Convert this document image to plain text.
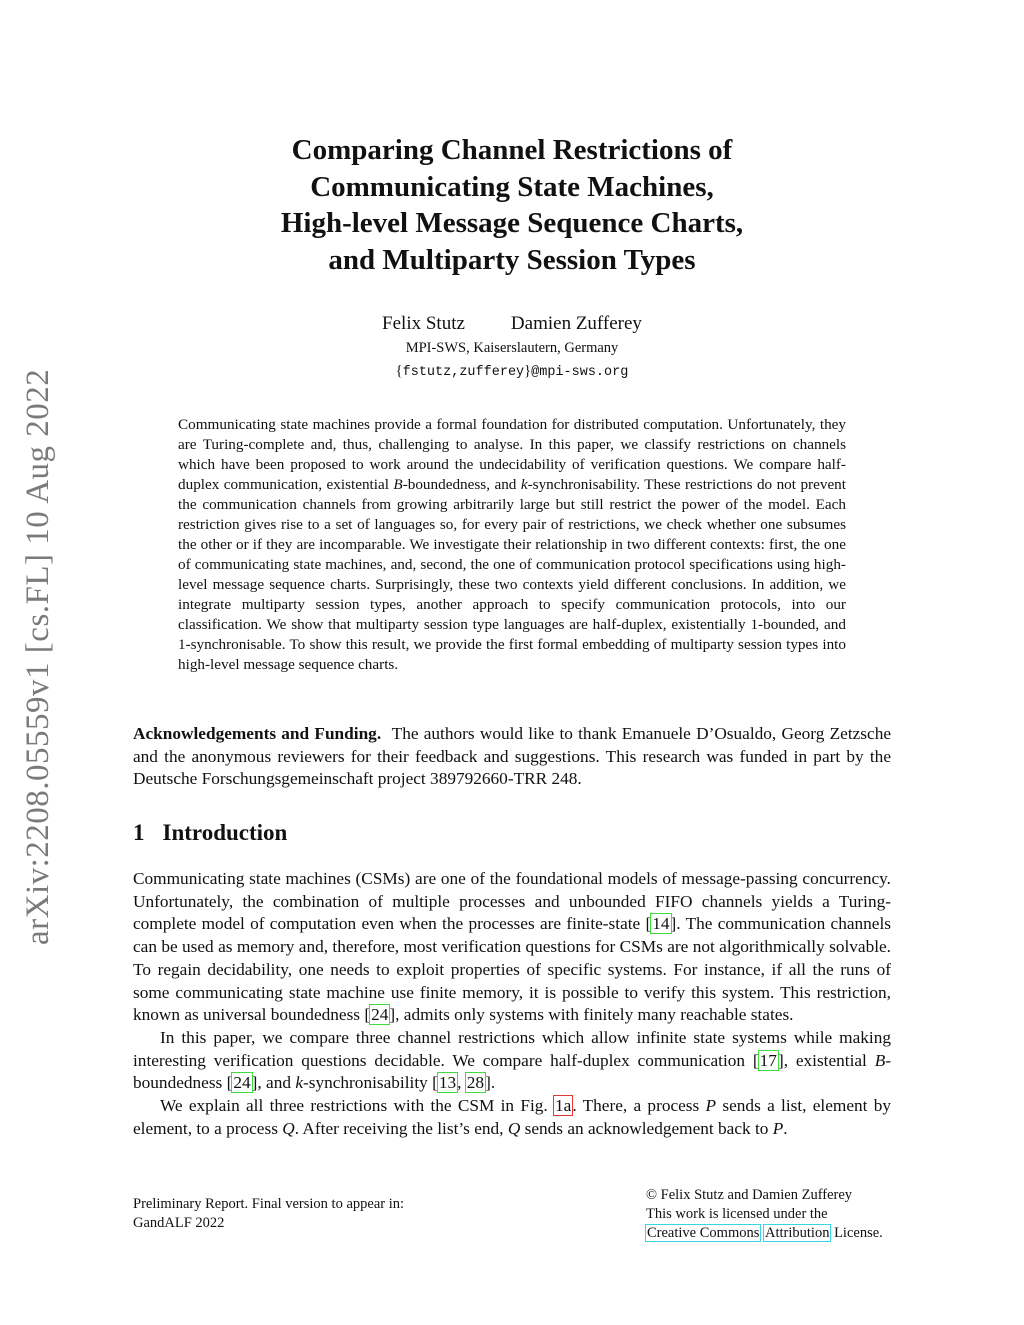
arXiv:2208.05559v1 [cs.FL] 10 Aug 2022
Comparing Channel Restrictions of
Communicating State Machines,
High-level Message Sequence Charts,
and Multiparty Session Types
Felix Stutz Damien Zufferey
MPI-SWS, Kaiserslautern, Germany
{fstutz,zufferey}@mpi-sws.org
Communicating state machines provide a formal foundation for distributed computation. Unfortunately, they are Turing-complete and, thus, challenging to analyse. In this paper, we classify restrictions on channels which have been proposed to work around the undecidability of verification questions. We compare half-duplex communication, existential B-boundedness, and k-synchronisability. These restrictions do not prevent the communication channels from growing arbitrarily large but still restrict the power of the model. Each restriction gives rise to a set of languages so, for every pair of restrictions, we check whether one subsumes the other or if they are incomparable. We investigate their relationship in two different contexts: first, the one of communicating state machines, and, second, the one of communication protocol specifications using high-level message sequence charts. Surprisingly, these two contexts yield different conclusions. In addition, we integrate multiparty session types, another approach to specify communication protocols, into our classification. We show that multiparty session type languages are half-duplex, existentially 1-bounded, and 1-synchronisable. To show this result, we provide the first formal embedding of multiparty session types into high-level message sequence charts.
Acknowledgements and Funding. The authors would like to thank Emanuele D’Osualdo, Georg Zetzsche and the anonymous reviewers for their feedback and suggestions. This research was funded in part by the Deutsche Forschungsgemeinschaft project 389792660-TRR 248.
1 Introduction

Communicating state machines (CSMs) are one of the foundational models of message-passing concurrency. Unfortunately, the combination of multiple processes and unbounded FIFO channels yields a Turing-complete model of computation even when the processes are finite-state [14]. The communication channels can be used as memory and, therefore, most verification questions for CSMs are not algorithmically solvable. To regain decidability, one needs to exploit properties of specific systems. For instance, if all the runs of some communicating state machine use finite memory, it is possible to verify this system. This restriction, known as universal boundedness [24], admits only systems with finitely many reachable states.

In this paper, we compare three channel restrictions which allow infinite state systems while making interesting verification questions decidable. We compare half-duplex communication [17], existential B-boundedness [24], and k-synchronisability [13, 28].

We explain all three restrictions with the CSM in Fig. 1a. There, a process P sends a list, element by element, to a process Q. After receiving the list’s end, Q sends an acknowledgement back to P.

Preliminary Report. Final version to appear in:
GandALF 2022
© Felix Stutz and Damien Zufferey
This work is licensed under the
Creative Commons Attribution License.
